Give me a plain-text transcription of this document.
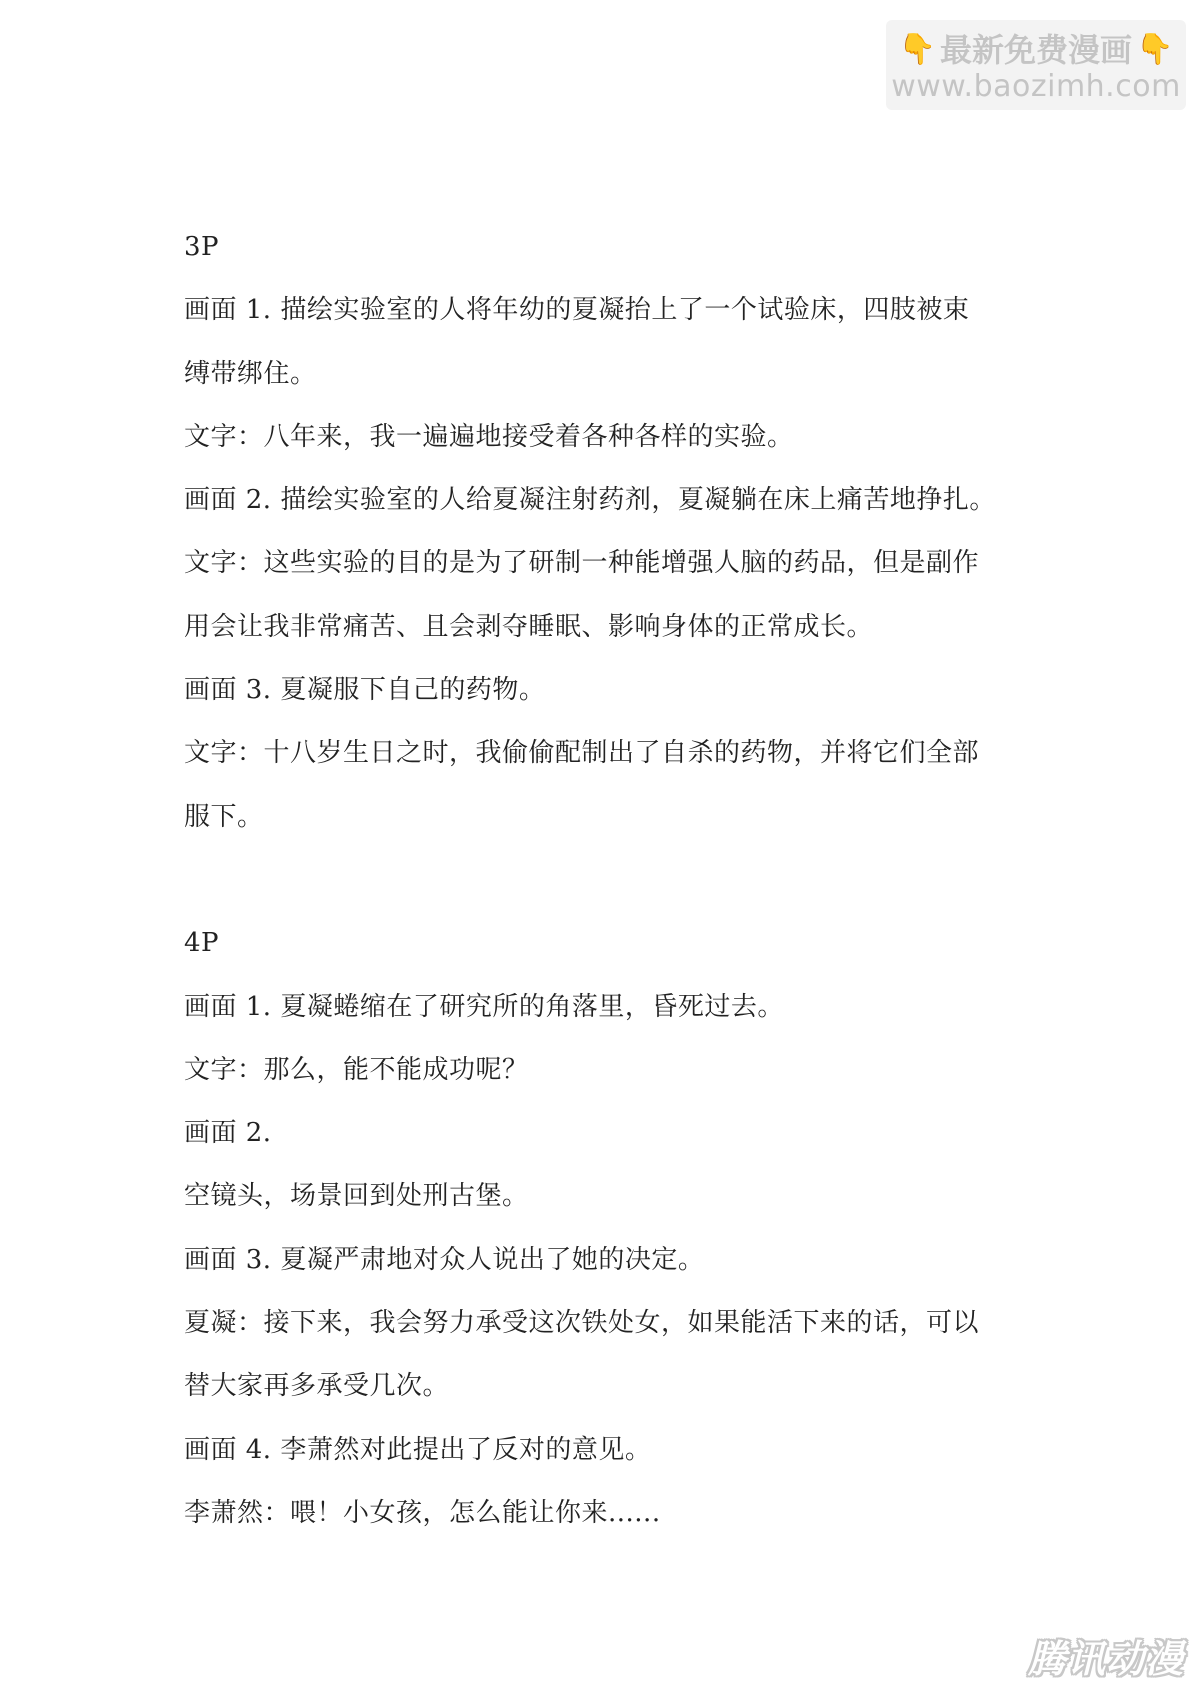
👇 最新免费漫画 👇
www.baozimh.com
3P
画面 1. 描绘实验室的人将年幼的夏凝抬上了一个试验床，四肢被束
缚带绑住。
文字：八年来，我一遍遍地接受着各种各样的实验。
画面 2. 描绘实验室的人给夏凝注射药剂，夏凝躺在床上痛苦地挣扎。
文字：这些实验的目的是为了研制一种能增强人脑的药品，但是副作
用会让我非常痛苦、且会剥夺睡眠、影响身体的正常成长。
画面 3. 夏凝服下自己的药物。
文字：十八岁生日之时，我偷偷配制出了自杀的药物，并将它们全部
服下。
4P
画面 1. 夏凝蜷缩在了研究所的角落里，昏死过去。
文字：那么，能不能成功呢？
画面 2.
空镜头，场景回到处刑古堡。
画面 3. 夏凝严肃地对众人说出了她的决定。
夏凝：接下来，我会努力承受这次铁处女，如果能活下来的话，可以
替大家再多承受几次。
画面 4. 李萧然对此提出了反对的意见。
李萧然：喂！小女孩，怎么能让你来......
腾讯动漫
